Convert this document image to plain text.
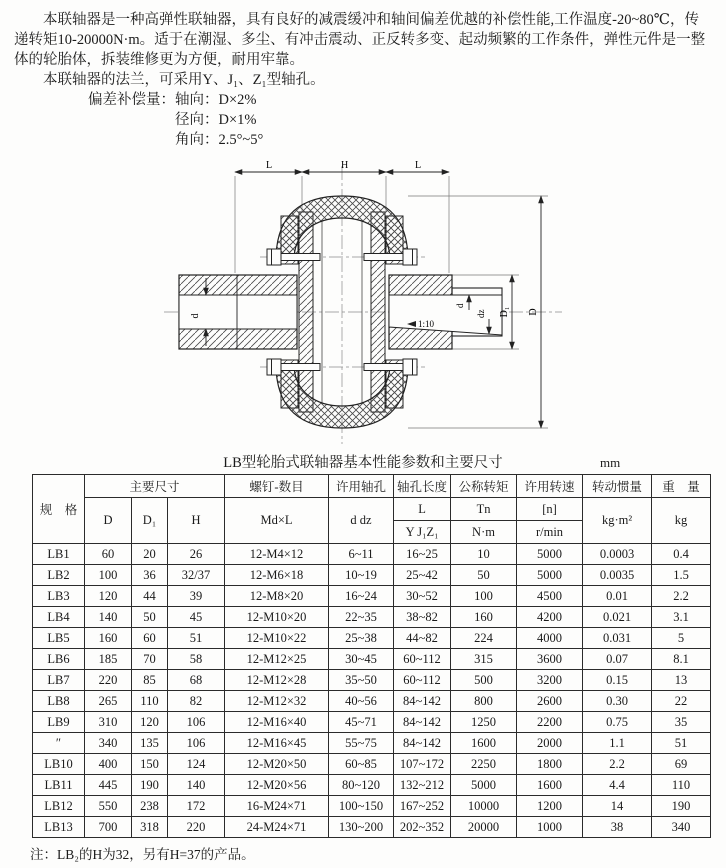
本联轴器是一种高弹性联轴器，具有良好的减震缓冲和轴间偏差优越的补偿性能,工作温度-20~80℃，传递转矩10-20000N·m。适于在潮湿、多尘、有冲击震动、正反转多变、起动频繁的工作条件，弹性元件是一整体的轮胎体，拆装维修更为方便，耐用牢靠。

本联轴器的法兰，可采用Y、J₁、Z₁型轴孔。

偏差补偿量： 轴向：D×2%
径向：D×1%
角向：2.5°~5°
L	H	L
1:10
d
d
dz D₁ D
LB型轮胎式联轴器基本性能参数和主要尺寸	mm
规　格	主要尺寸			螺钉-数目	许用轴孔	轴孔长度	公称转矩	许用转速	转动惯量	重　量
	D	D₁	H	Md×L	d dz	L	Tn	[n]	kg·m²	kg
						Y J₁Z₁	N·m	r/min		
LB1	60	20	26	12-M4×12	6~11	16~25	10	5000	0.0003	0.4
LB2	100	36	32/37	12-M6×18	10~19	25~42	50	5000	0.0035	1.5
LB3	120	44	39	12-M8×20	16~24	30~52	100	4500	0.01	2.2
LB4	140	50	45	12-M10×20	22~35	38~82	160	4200	0.021	3.1
LB5	160	60	51	12-M10×22	25~38	44~82	224	4000	0.031	5
LB6	185	70	58	12-M12×25	30~45	60~112	315	3600	0.07	8.1
LB7	220	85	68	12-M12×28	35~50	60~112	500	3200	0.15	13
LB8	265	110	82	12-M12×32	40~56	84~142	800	2600	0.30	22
LB9	310	120	106	12-M16×40	45~71	84~142	1250	2200	0.75	35
″	340	135	106	12-M16×45	55~75	84~142	1600	2000	1.1	51
LB10	400	150	124	12-M20×50	60~85	107~172	2250	1800	2.2	69
LB11	445	190	140	12-M20×56	80~120	132~212	5000	1600	4.4	110
LB12	550	238	172	16-M24×71	100~150	167~252	10000	1200	14	190
LB13	700	318	220	24-M24×71	130~200	202~352	20000	1000	38	340
注：LB₂的H为32，另有H=37的产品。
